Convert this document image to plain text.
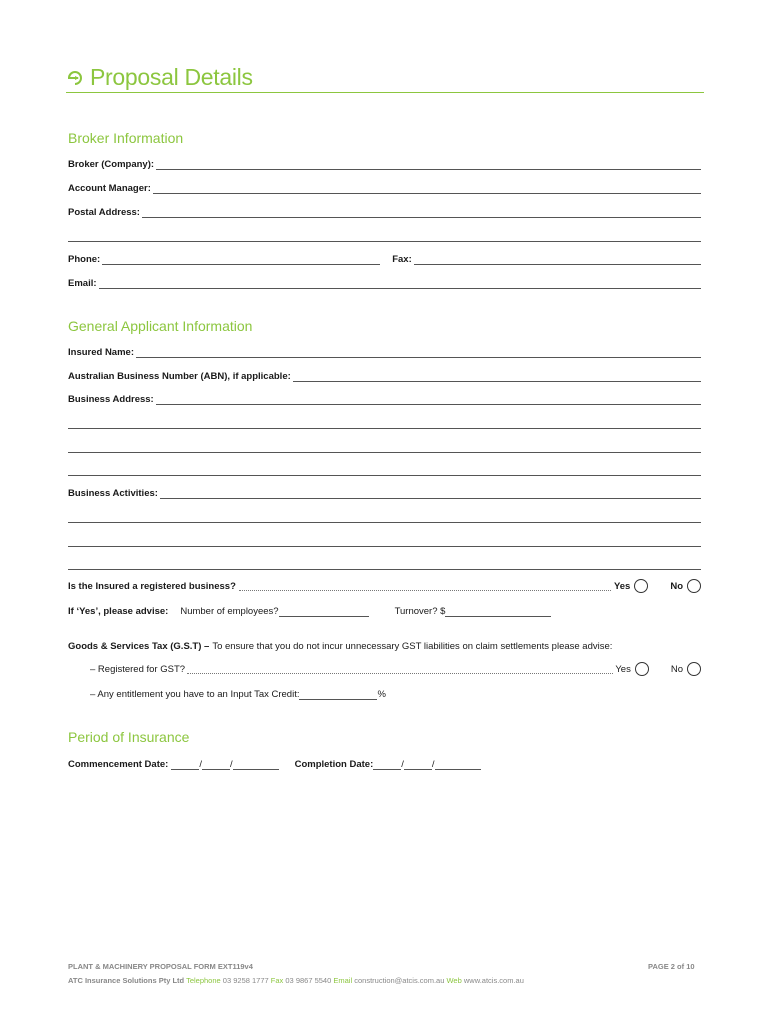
Proposal Details
Broker Information
Broker (Company):
Account Manager:
Postal Address:
Phone:	Fax:
Email:
General Applicant Information
Insured Name:
Australian Business Number (ABN), if applicable:
Business Address:
Business Activities:
Is the Insured a registered business?	Yes	No
If ‘Yes’, please advise: Number of employees?	Turnover? $
Goods & Services Tax (G.S.T) – To ensure that you do not incur unnecessary GST liabilities on claim settlements please advise:
– Registered for GST?	Yes	No
– Any entitlement you have to an Input Tax Credit:	%
Period of Insurance
Commencement Date:	/	/	Completion Date:	/	/
PLANT & MACHINERY PROPOSAL FORM EXT119v4	PAGE 2 of 10
ATC Insurance Solutions Pty Ltd Telephone 03 9258 1777 Fax 03 9867 5540 Email construction@atcis.com.au Web www.atcis.com.au
